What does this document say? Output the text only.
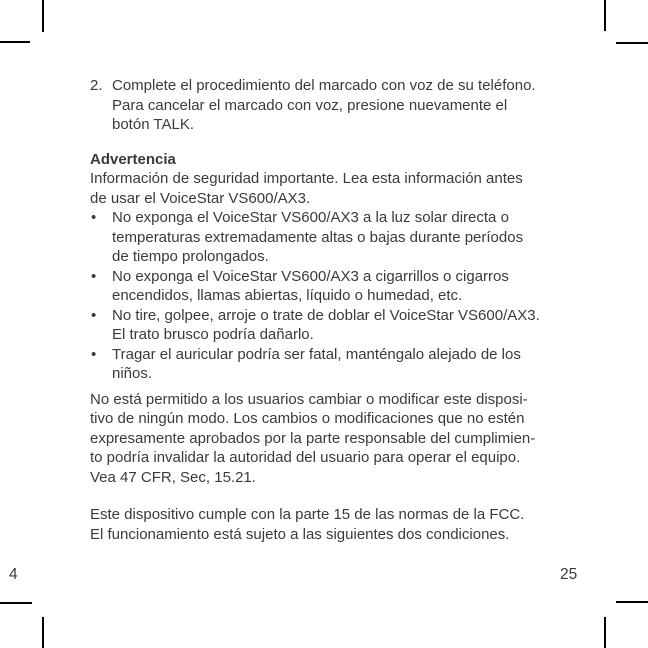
2. Complete el procedimiento del marcado con voz de su teléfono.
Para cancelar el marcado con voz, presione nuevamente el
botón TALK.
Advertencia
Información de seguridad importante. Lea esta información antes
de usar el VoiceStar VS600/AX3.
• No exponga el VoiceStar VS600/AX3 a la luz solar directa o
temperaturas extremadamente altas o bajas durante períodos
de tiempo prolongados.
• No exponga el VoiceStar VS600/AX3 a cigarrillos o cigarros
encendidos, llamas abiertas, líquido o humedad, etc.
• No tire, golpee, arroje o trate de doblar el VoiceStar VS600/AX3.
El trato brusco podría dañarlo.
• Tragar el auricular podría ser fatal, manténgalo alejado de los
niños.
No está permitido a los usuarios cambiar o modificar este disposi-
tivo de ningún modo. Los cambios o modificaciones que no estén
expresamente aprobados por la parte responsable del cumplimien-
to podría invalidar la autoridad del usuario para operar el equipo.
Vea 47 CFR, Sec, 15.21.
Este dispositivo cumple con la parte 15 de las normas de la FCC.
El funcionamiento está sujeto a las siguientes dos condiciones.
4	25
